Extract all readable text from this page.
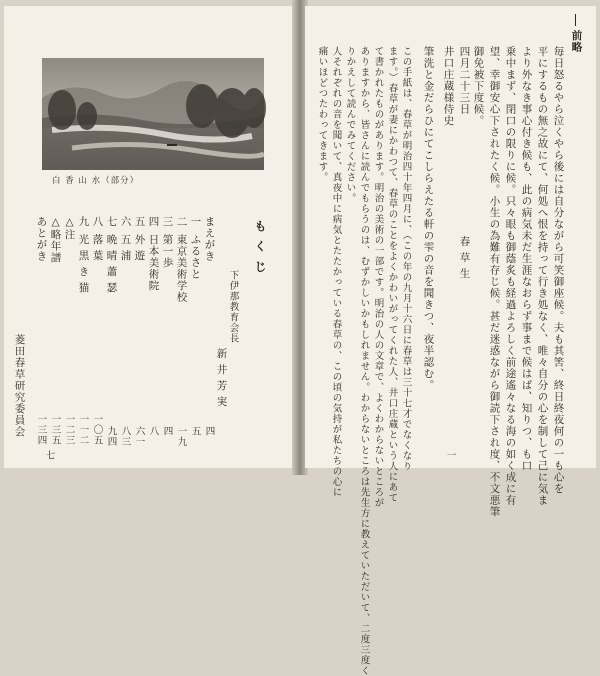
白 香 山 水（部分）
も く じ
下伊那教育会長
新 井 芳 実
まえがき
四
一
ふるさと
五
二
東京美術学校
一九
三
第一歩
四
四
日本美術院
八
五
外 遊
六一
六
五 浦
八三
七
晩 晴 蕭 瑟
九四
八
落 葉
一〇五
九
光 黒 き 猫
一一二
△注
一二三
△略年譜
一三五
あとがき
一三四
菱田春草研究委員会
七
前略
毎日怒るやら泣くやら後には自分ながら可笑御座候。夫も其筈、終日終夜何の一も心を
平にするもの無之故にて、何処へ恨を持って行き処なく、唯々自分の心を制して己に気ま
より外なき事心付き候も、此の病気未だ生涯なおらず事まで候はば、知りつ、も口
乗中まず、閉口の限りに候。只々眼も御蔭炙も経過よろしく前途遙々なる海の如く成に有
望、幸御安心下されたく候。小生の為難有存じ候。甚だ迷惑ながら御読下され度、不文悪筆
御免被下度候。
春 草 生
四月二十三日
井口庄蔵様侍史
筆洗と金だらひにてこしらえたる軒の雫の音を聞きつ、夜半認む。
この手紙は、春草が明治四十年四月に、（この年の九月十六日に春草は三十七才でなくなり
ます。）春草が妻にかわつて、春草のことをよくかわいがってくれた人、井口庄蔵という人にあて
て書かれたものがあります。明治の美術の一部です。明治の人の文章で、よくわからないところが
ありますから、皆さんに読んでもらうのは、むずかしいかもしれません。わからないところは先生方に教えていただいて、二度三度く
りかえして読んでみてください。
人それぞれの音を聞いて、真夜中に病気とたたかっている春草の、この頃の気持が私たちの心に
痛いほどつたわってきます。
一
